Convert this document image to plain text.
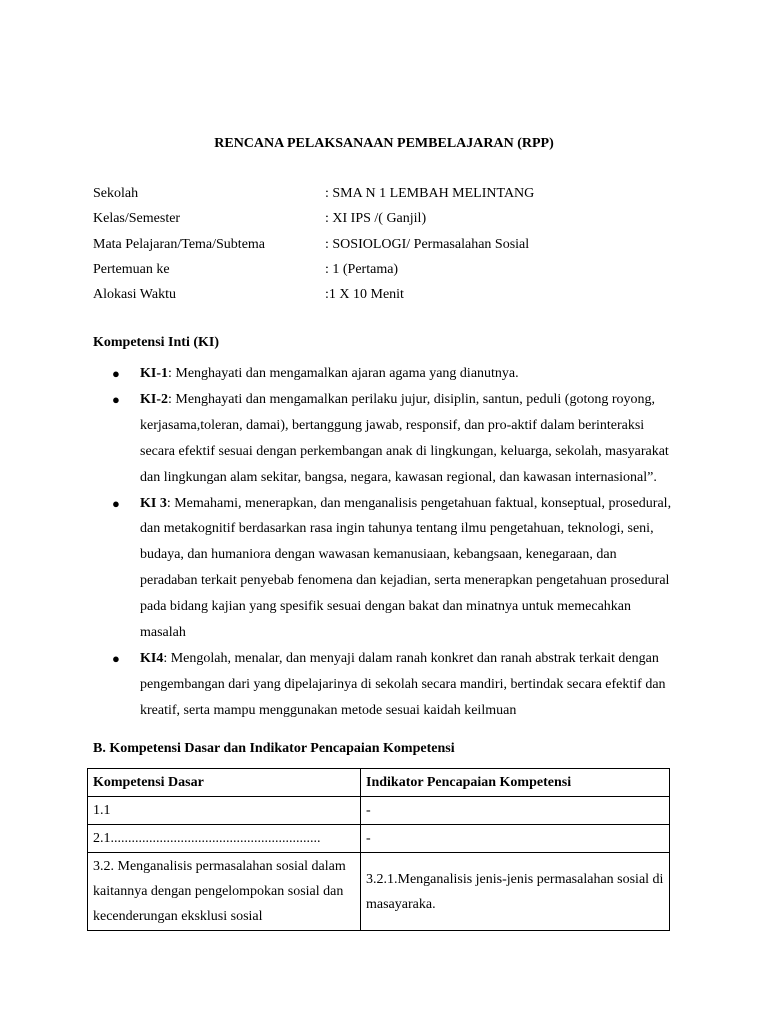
RENCANA PELAKSANAAN PEMBELAJARAN (RPP)
Sekolah	: SMA N 1 LEMBAH MELINTANG
Kelas/Semester	: XI IPS /( Ganjil)
Mata Pelajaran/Tema/Subtema	: SOSIOLOGI/ Permasalahan Sosial
Pertemuan ke	: 1 (Pertama)
Alokasi Waktu	:1 X 10 Menit
Kompetensi Inti (KI)
● KI-1: Menghayati dan mengamalkan ajaran agama yang dianutnya.
● KI-2: Menghayati dan mengamalkan perilaku jujur, disiplin, santun, peduli (gotong royong, kerjasama,toleran, damai), bertanggung jawab, responsif, dan pro-aktif dalam berinteraksi secara efektif sesuai dengan perkembangan anak di lingkungan, keluarga, sekolah, masyarakat dan lingkungan alam sekitar, bangsa, negara, kawasan regional, dan kawasan internasional”.
● KI 3: Memahami, menerapkan, dan menganalisis pengetahuan faktual, konseptual, prosedural, dan metakognitif berdasarkan rasa ingin tahunya tentang ilmu pengetahuan, teknologi, seni, budaya, dan humaniora dengan wawasan kemanusiaan, kebangsaan, kenegaraan, dan peradaban terkait penyebab fenomena dan kejadian, serta menerapkan pengetahuan prosedural pada bidang kajian yang spesifik sesuai dengan bakat dan minatnya untuk memecahkan masalah
● KI4: Mengolah, menalar, dan menyaji dalam ranah konkret dan ranah abstrak terkait dengan pengembangan dari yang dipelajarinya di sekolah secara mandiri, bertindak secara efektif dan kreatif, serta mampu menggunakan metode sesuai kaidah keilmuan
B. Kompetensi Dasar dan Indikator Pencapaian Kompetensi
Kompetensi Dasar	Indikator Pencapaian Kompetensi
1.1	-
2.1............................................................	-
3.2. Menganalisis permasalahan sosial dalam kaitannya dengan pengelompokan sosial dan kecenderungan eksklusi sosial	3.2.1.Menganalisis jenis-jenis permasalahan sosial di masayaraka.
